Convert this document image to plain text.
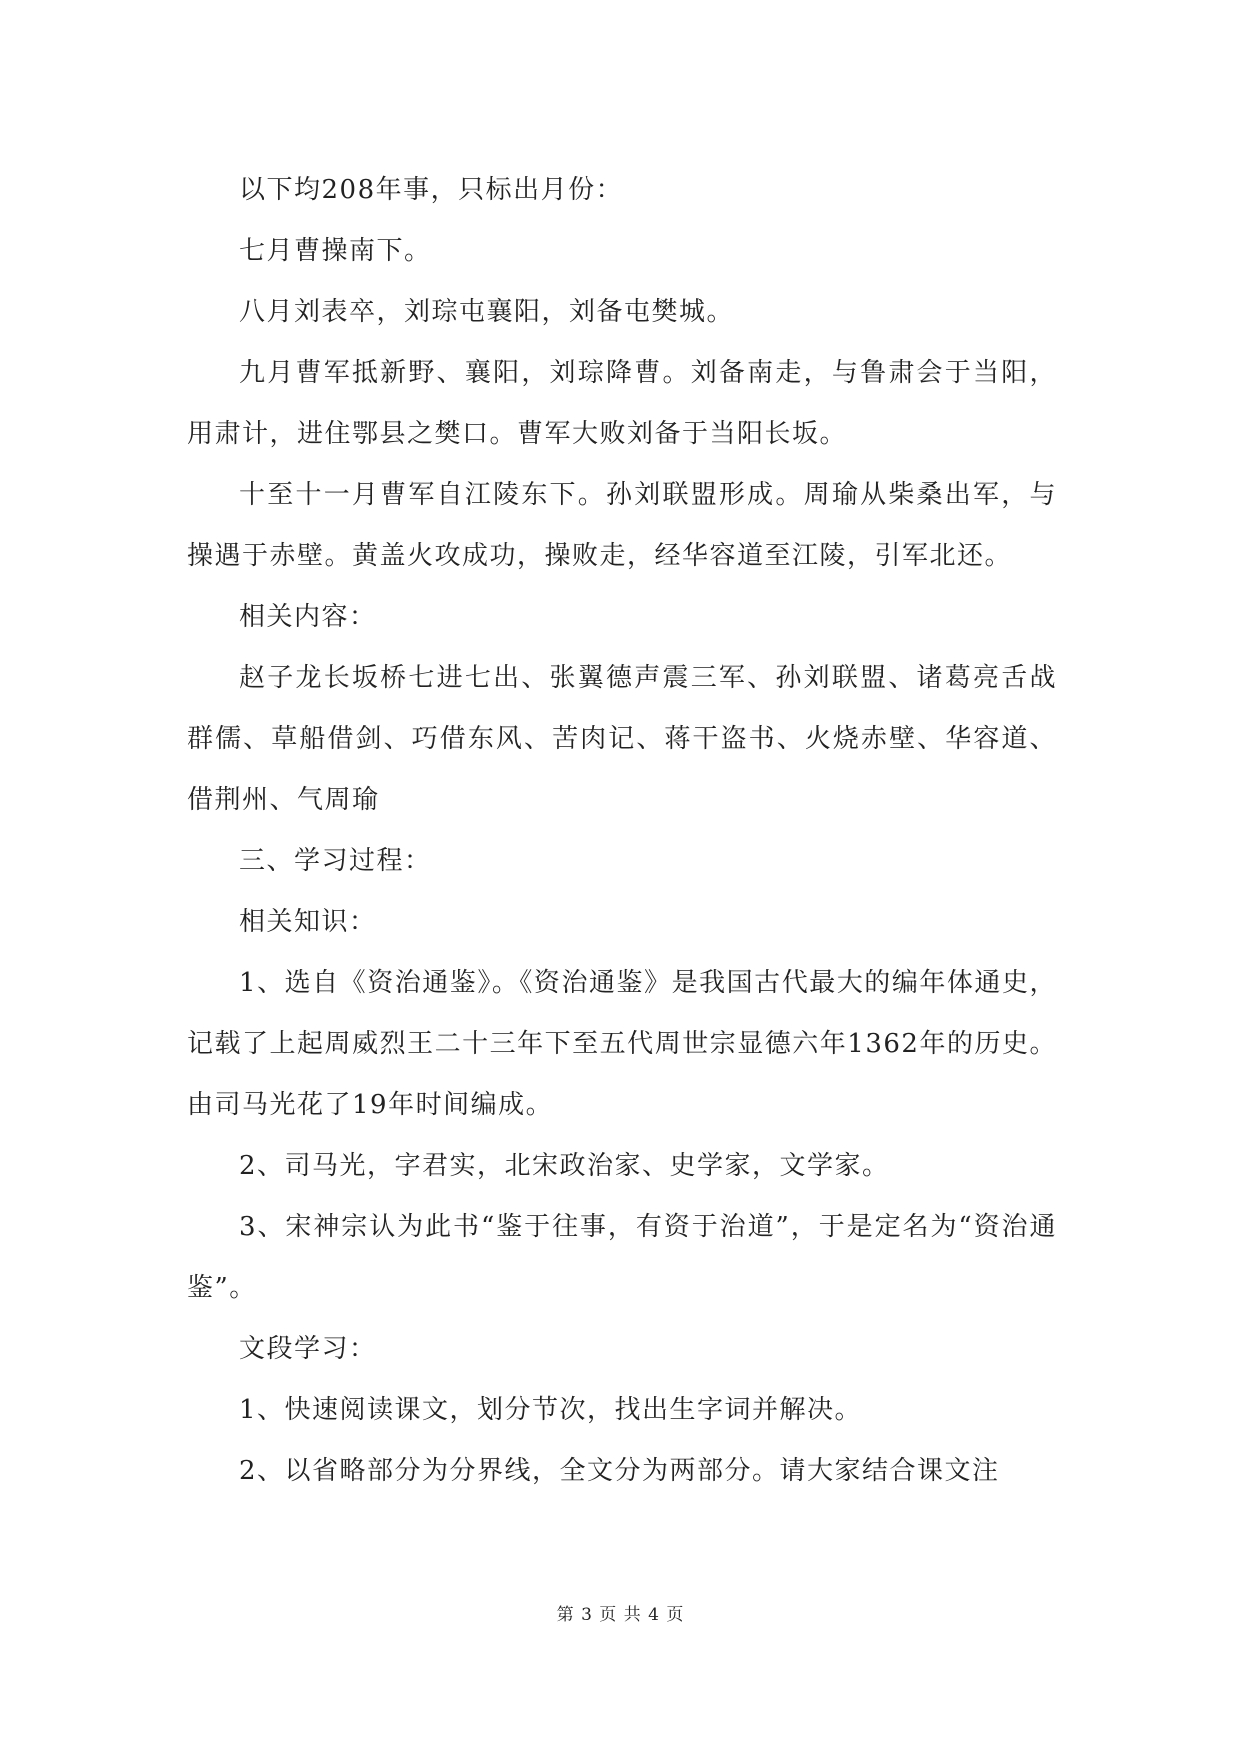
以下均208年事，只标出月份：

七月曹操南下。

八月刘表卒，刘琮屯襄阳，刘备屯樊城。

九月曹军抵新野、襄阳，刘琮降曹。刘备南走，与鲁肃会于当阳，用肃计，进住鄂县之樊口。曹军大败刘备于当阳长坂。

十至十一月曹军自江陵东下。孙刘联盟形成。周瑜从柴桑出军，与操遇于赤壁。黄盖火攻成功，操败走，经华容道至江陵，引军北还。

相关内容：

赵子龙长坂桥七进七出、张翼德声震三军、孙刘联盟、诸葛亮舌战群儒、草船借剑、巧借东风、苦肉记、蒋干盗书、火烧赤壁、华容道、借荆州、气周瑜

三、学习过程：

相关知识：

1、选自《资治通鉴》。《资治通鉴》是我国古代最大的编年体通史，记载了上起周威烈王二十三年下至五代周世宗显德六年1362年的历史。由司马光花了19年时间编成。

2、司马光，字君实，北宋政治家、史学家，文学家。

3、宋神宗认为此书“鉴于往事，有资于治道”，于是定名为“资治通鉴”。

文段学习：

1、快速阅读课文，划分节次，找出生字词并解决。

2、以省略部分为分界线，全文分为两部分。请大家结合课文注

第 3 页 共 4 页
